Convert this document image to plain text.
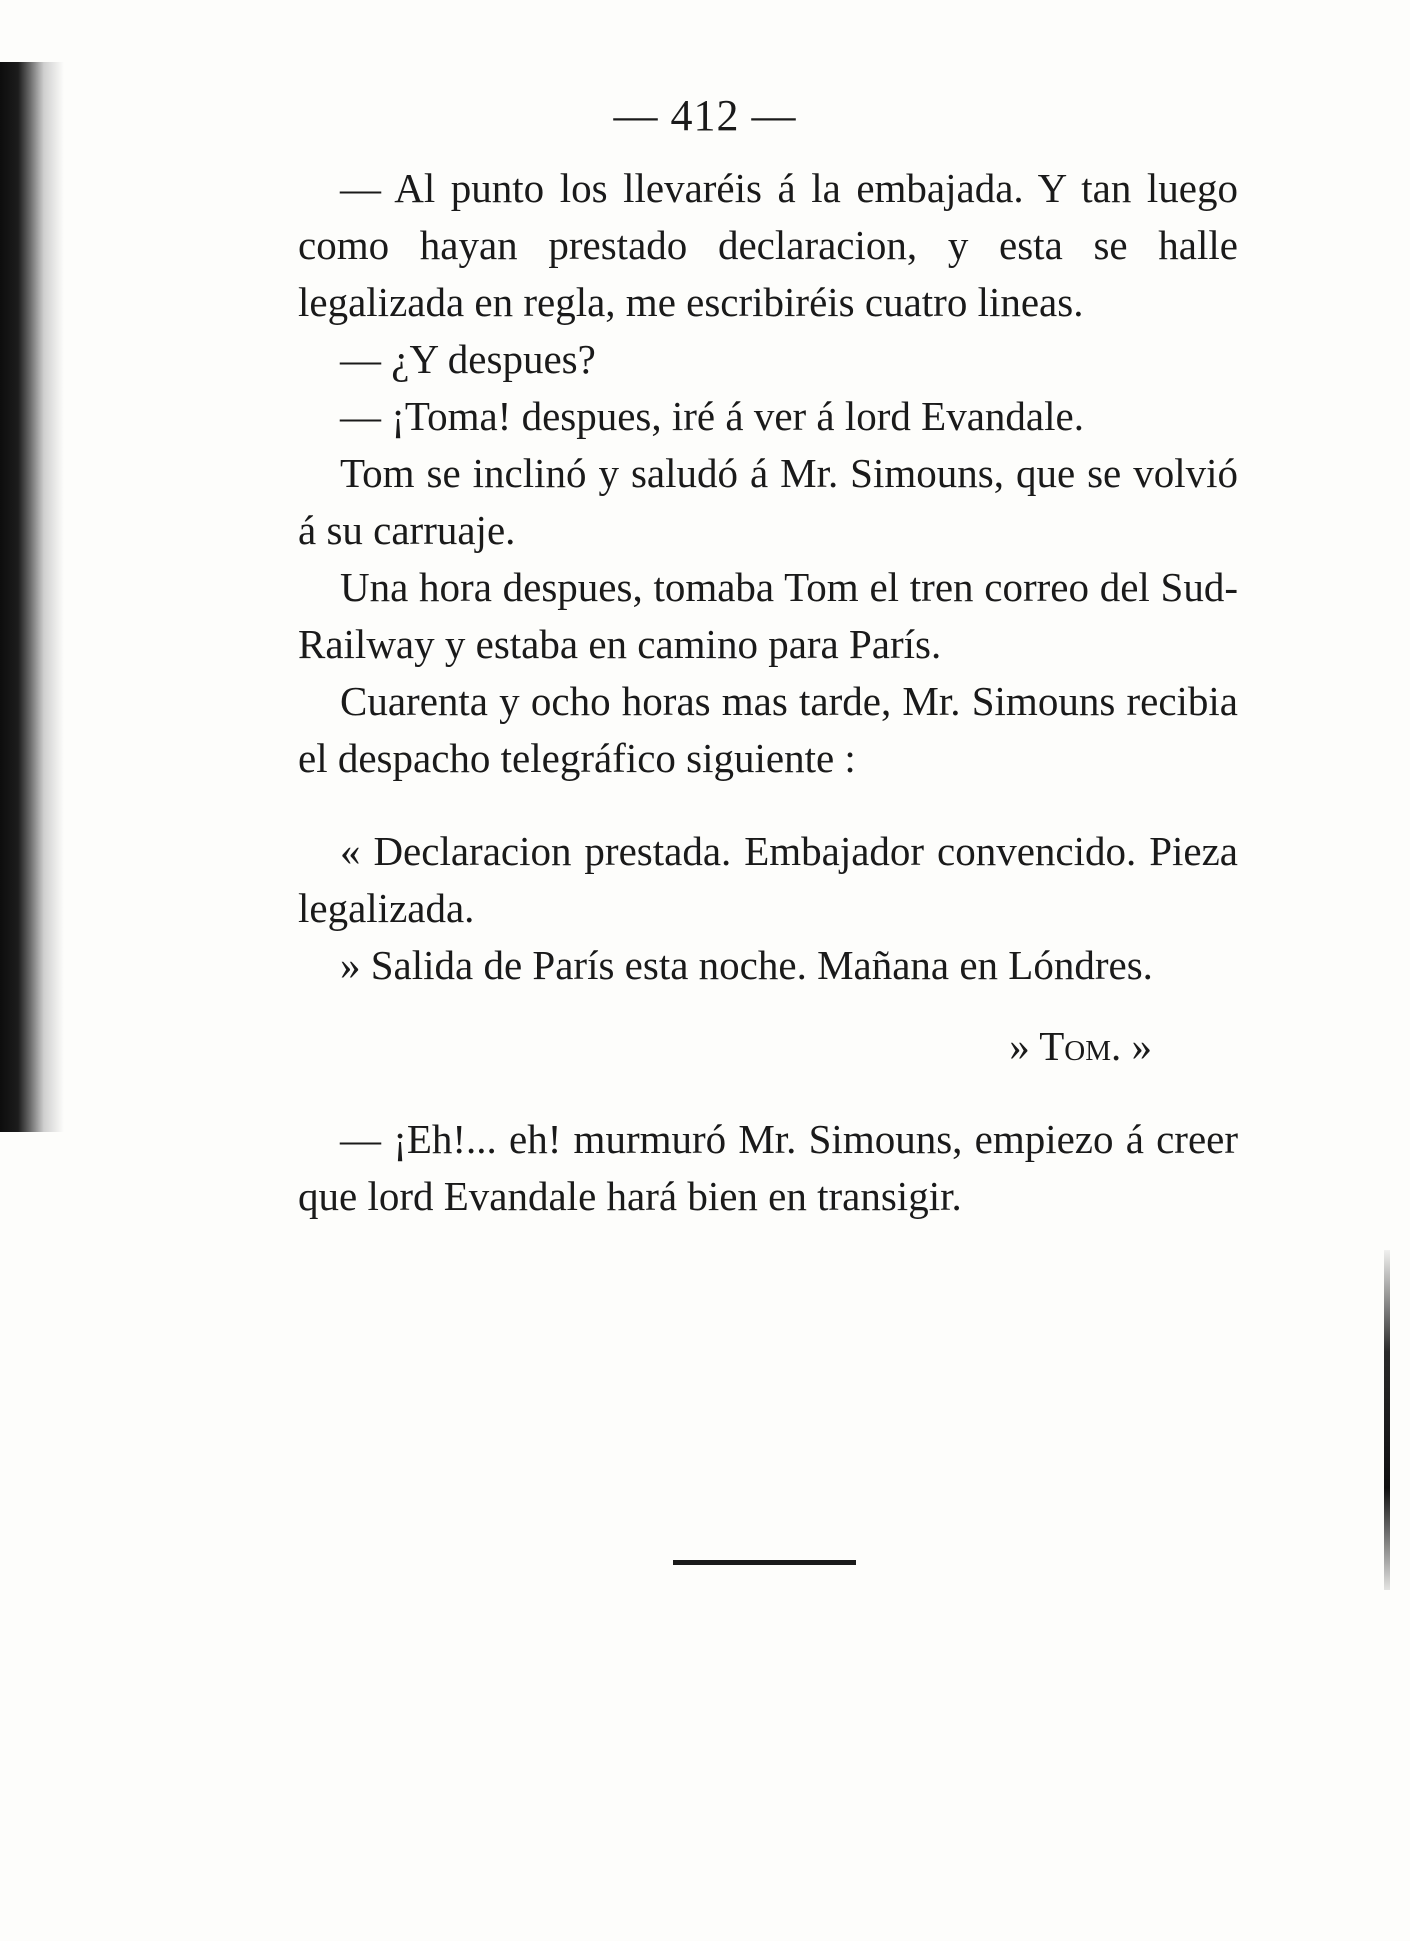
— 412 —

— Al punto los llevaréis á la embajada. Y tan luego como hayan prestado declaracion, y esta se halle legalizada en regla, me escribiréis cuatro lineas.

— ¿Y despues?

— ¡Toma! despues, iré á ver á lord Evandale.

Tom se inclinó y saludó á Mr. Simouns, que se volvió á su carruaje.

Una hora despues, tomaba Tom el tren correo del Sud-Railway y estaba en camino para París.

Cuarenta y ocho horas mas tarde, Mr. Simouns recibia el despacho telegráfico siguiente :

« Declaracion prestada. Embajador convencido. Pieza legalizada.

» Salida de París esta noche. Mañana en Lóndres.

» Tom. »

— ¡Eh!... eh! murmuró Mr. Simouns, empiezo á creer que lord Evandale hará bien en transigir.
